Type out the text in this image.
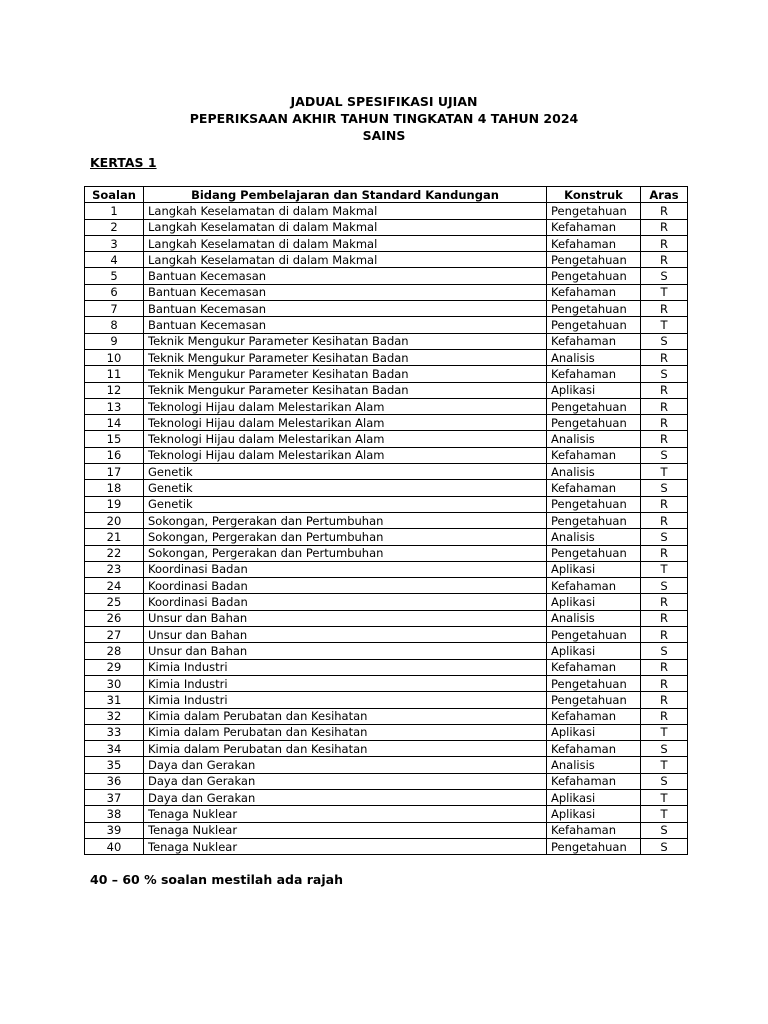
JADUAL SPESIFIKASI UJIAN
PEPERIKSAAN AKHIR TAHUN TINGKATAN 4 TAHUN 2024
SAINS
KERTAS 1
Soalan	Bidang Pembelajaran dan Standard Kandungan	Konstruk	Aras
1	Langkah Keselamatan di dalam Makmal	Pengetahuan	R
2	Langkah Keselamatan di dalam Makmal	Kefahaman	R
3	Langkah Keselamatan di dalam Makmal	Kefahaman	R
4	Langkah Keselamatan di dalam Makmal	Pengetahuan	R
5	Bantuan Kecemasan	Pengetahuan	S
6	Bantuan Kecemasan	Kefahaman	T
7	Bantuan Kecemasan	Pengetahuan	R
8	Bantuan Kecemasan	Pengetahuan	T
9	Teknik Mengukur Parameter Kesihatan Badan	Kefahaman	S
10	Teknik Mengukur Parameter Kesihatan Badan	Analisis	R
11	Teknik Mengukur Parameter Kesihatan Badan	Kefahaman	S
12	Teknik Mengukur Parameter Kesihatan Badan	Aplikasi	R
13	Teknologi Hijau dalam Melestarikan Alam	Pengetahuan	R
14	Teknologi Hijau dalam Melestarikan Alam	Pengetahuan	R
15	Teknologi Hijau dalam Melestarikan Alam	Analisis	R
16	Teknologi Hijau dalam Melestarikan Alam	Kefahaman	S
17	Genetik	Analisis	T
18	Genetik	Kefahaman	S
19	Genetik	Pengetahuan	R
20	Sokongan, Pergerakan dan Pertumbuhan	Pengetahuan	R
21	Sokongan, Pergerakan dan Pertumbuhan	Analisis	S
22	Sokongan, Pergerakan dan Pertumbuhan	Pengetahuan	R
23	Koordinasi Badan	Aplikasi	T
24	Koordinasi Badan	Kefahaman	S
25	Koordinasi Badan	Aplikasi	R
26	Unsur dan Bahan	Analisis	R
27	Unsur dan Bahan	Pengetahuan	R
28	Unsur dan Bahan	Aplikasi	S
29	Kimia Industri	Kefahaman	R
30	Kimia Industri	Pengetahuan	R
31	Kimia Industri	Pengetahuan	R
32	Kimia dalam Perubatan dan Kesihatan	Kefahaman	R
33	Kimia dalam Perubatan dan Kesihatan	Aplikasi	T
34	Kimia dalam Perubatan dan Kesihatan	Kefahaman	S
35	Daya dan Gerakan	Analisis	T
36	Daya dan Gerakan	Kefahaman	S
37	Daya dan Gerakan	Aplikasi	T
38	Tenaga Nuklear	Aplikasi	T
39	Tenaga Nuklear	Kefahaman	S
40	Tenaga Nuklear	Pengetahuan	S
40 – 60 % soalan mestilah ada rajah
